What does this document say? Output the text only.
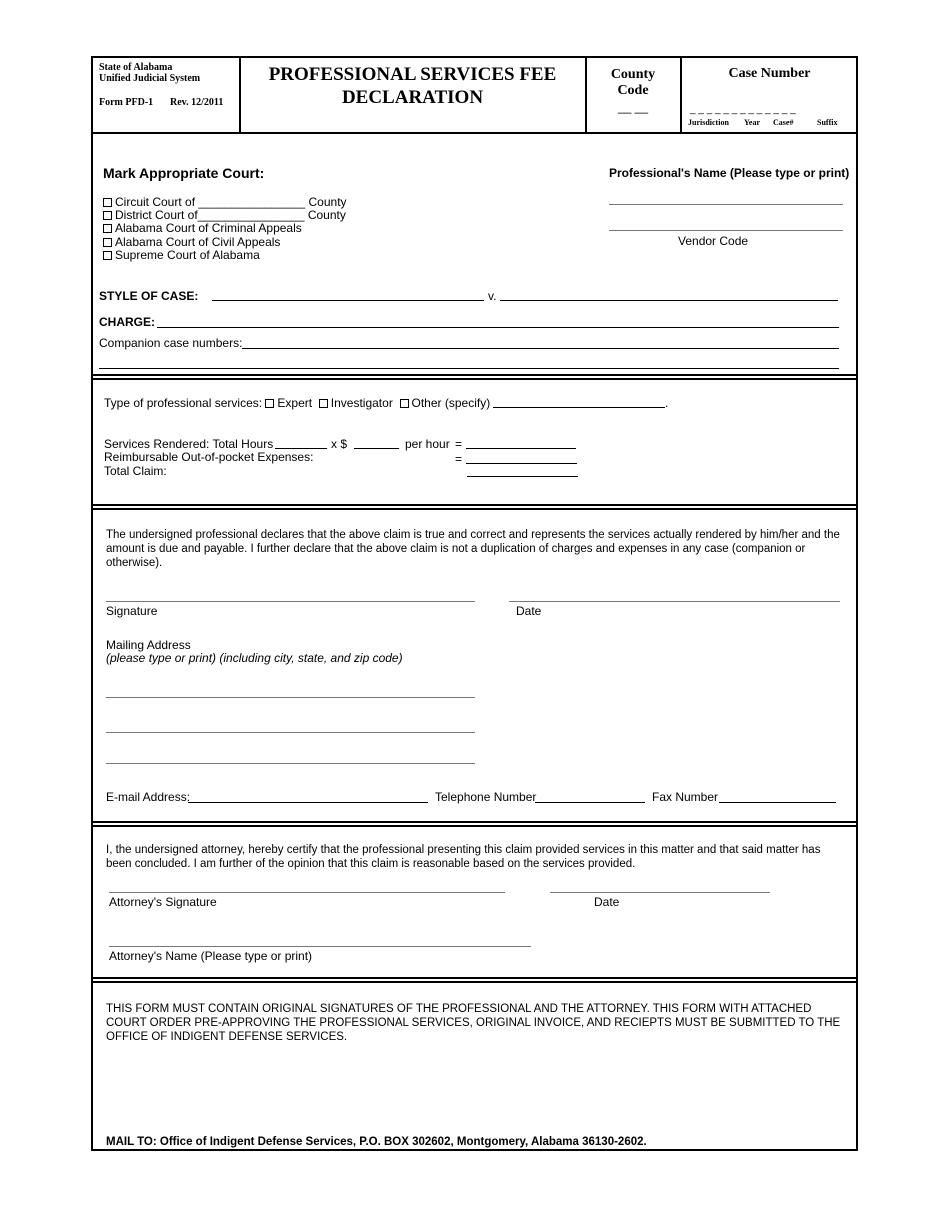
State of Alabama
Unified Judicial System
Form PFD-1 Rev. 12/2011
PROFESSIONAL SERVICES FEE
DECLARATION
County
Code
__ __
Case Number
_ _ _ _ _ _ _ _ _ _ _ _ _
Jurisdiction Year Case#	Suffix
Mark Appropriate Court:
Circuit Court of ________________ County
District Court of________________ County
Alabama Court of Criminal Appeals
Alabama Court of Civil Appeals
Supreme Court of Alabama
Professional's Name (Please type or print)
Vendor Code
STYLE OF CASE:	v.
CHARGE:
Companion case numbers:
Type of professional services: Expert Investigator Other (specify)	.
Services Rendered: Total Hours	x $	per hour =
Reimbursable Out-of-pocket Expenses:	=
Total Claim:
The undersigned professional declares that the above claim is true and correct and represents the services actually rendered by him/her and the amount is due and payable. I further declare that the above claim is not a duplication of charges and expenses in any case (companion or otherwise).
Signature	Date
Mailing Address
(please type or print) (including city, state, and zip code)
E-mail Address:	Telephone Number	Fax Number
I, the undersigned attorney, hereby certify that the professional presenting this claim provided services in this matter and that said matter has been concluded. I am further of the opinion that this claim is reasonable based on the services provided.
Attorney's Signature	Date
Attorney's Name (Please type or print)
THIS FORM MUST CONTAIN ORIGINAL SIGNATURES OF THE PROFESSIONAL AND THE ATTORNEY. THIS FORM WITH ATTACHED COURT ORDER PRE-APPROVING THE PROFESSIONAL SERVICES, ORIGINAL INVOICE, AND RECIEPTS MUST BE SUBMITTED TO THE OFFICE OF INDIGENT DEFENSE SERVICES.
MAIL TO: Office of Indigent Defense Services, P.O. BOX 302602, Montgomery, Alabama 36130-2602.
